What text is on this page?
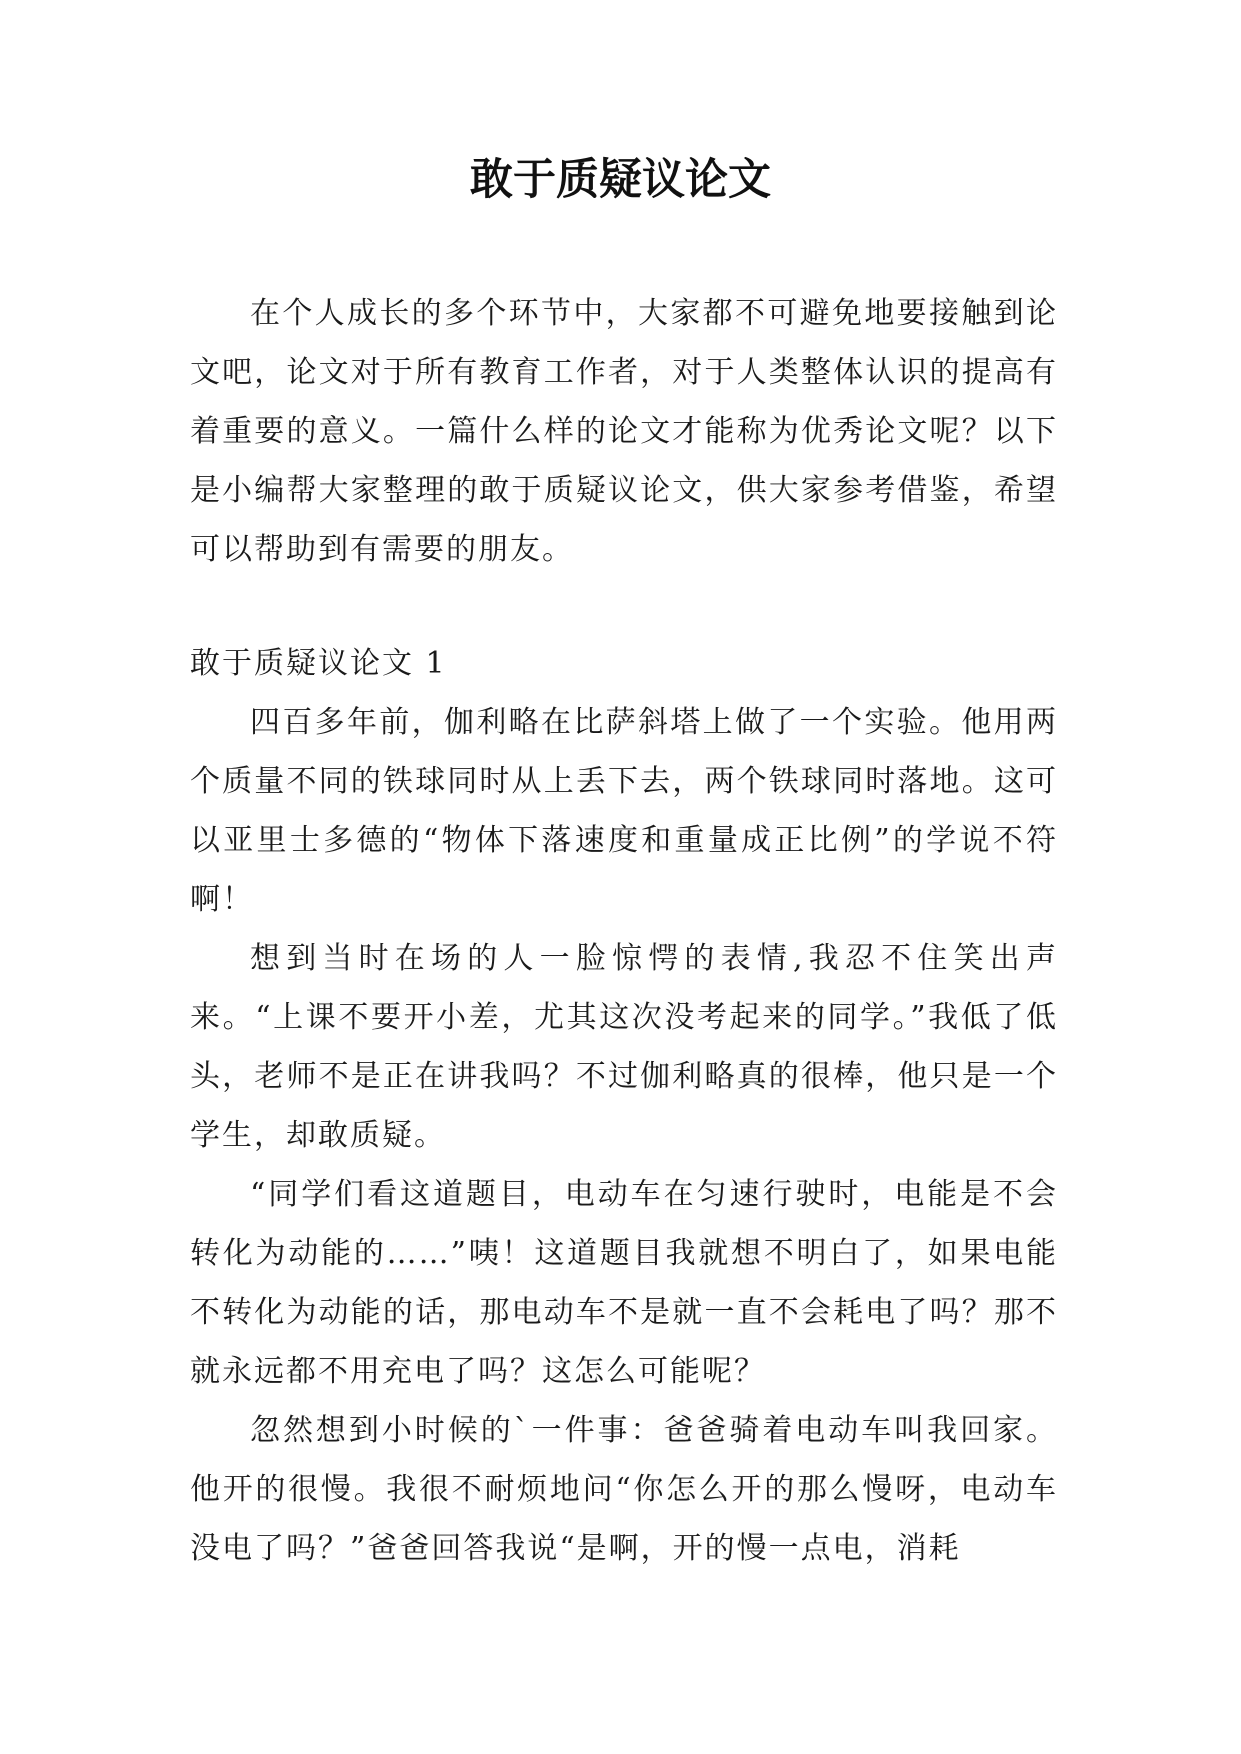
敢于质疑议论文

在个人成长的多个环节中，大家都不可避免地要接触到论文吧，论文对于所有教育工作者，对于人类整体认识的提高有着重要的意义。一篇什么样的论文才能称为优秀论文呢？以下是小编帮大家整理的敢于质疑议论文，供大家参考借鉴，希望可以帮助到有需要的朋友。

敢于质疑议论文 1

四百多年前，伽利略在比萨斜塔上做了一个实验。他用两个质量不同的铁球同时从上丢下去，两个铁球同时落地。这可以亚里士多德的“物体下落速度和重量成正比例”的学说不符啊！

想到当时在场的人一脸惊愕的表情,我忍不住笑出声来。“上课不要开小差，尤其这次没考起来的同学。”我低了低头，老师不是正在讲我吗？不过伽利略真的很棒，他只是一个学生，却敢质疑。

“同学们看这道题目，电动车在匀速行驶时，电能是不会转化为动能的……”咦！这道题目我就想不明白了，如果电能不转化为动能的话，那电动车不是就一直不会耗电了吗？那不就永远都不用充电了吗？这怎么可能呢？

忽然想到小时候的`一件事：爸爸骑着电动车叫我回家。他开的很慢。我很不耐烦地问“你怎么开的那么慢呀，电动车没电了吗？”爸爸回答我说“是啊，开的慢一点电，消耗
